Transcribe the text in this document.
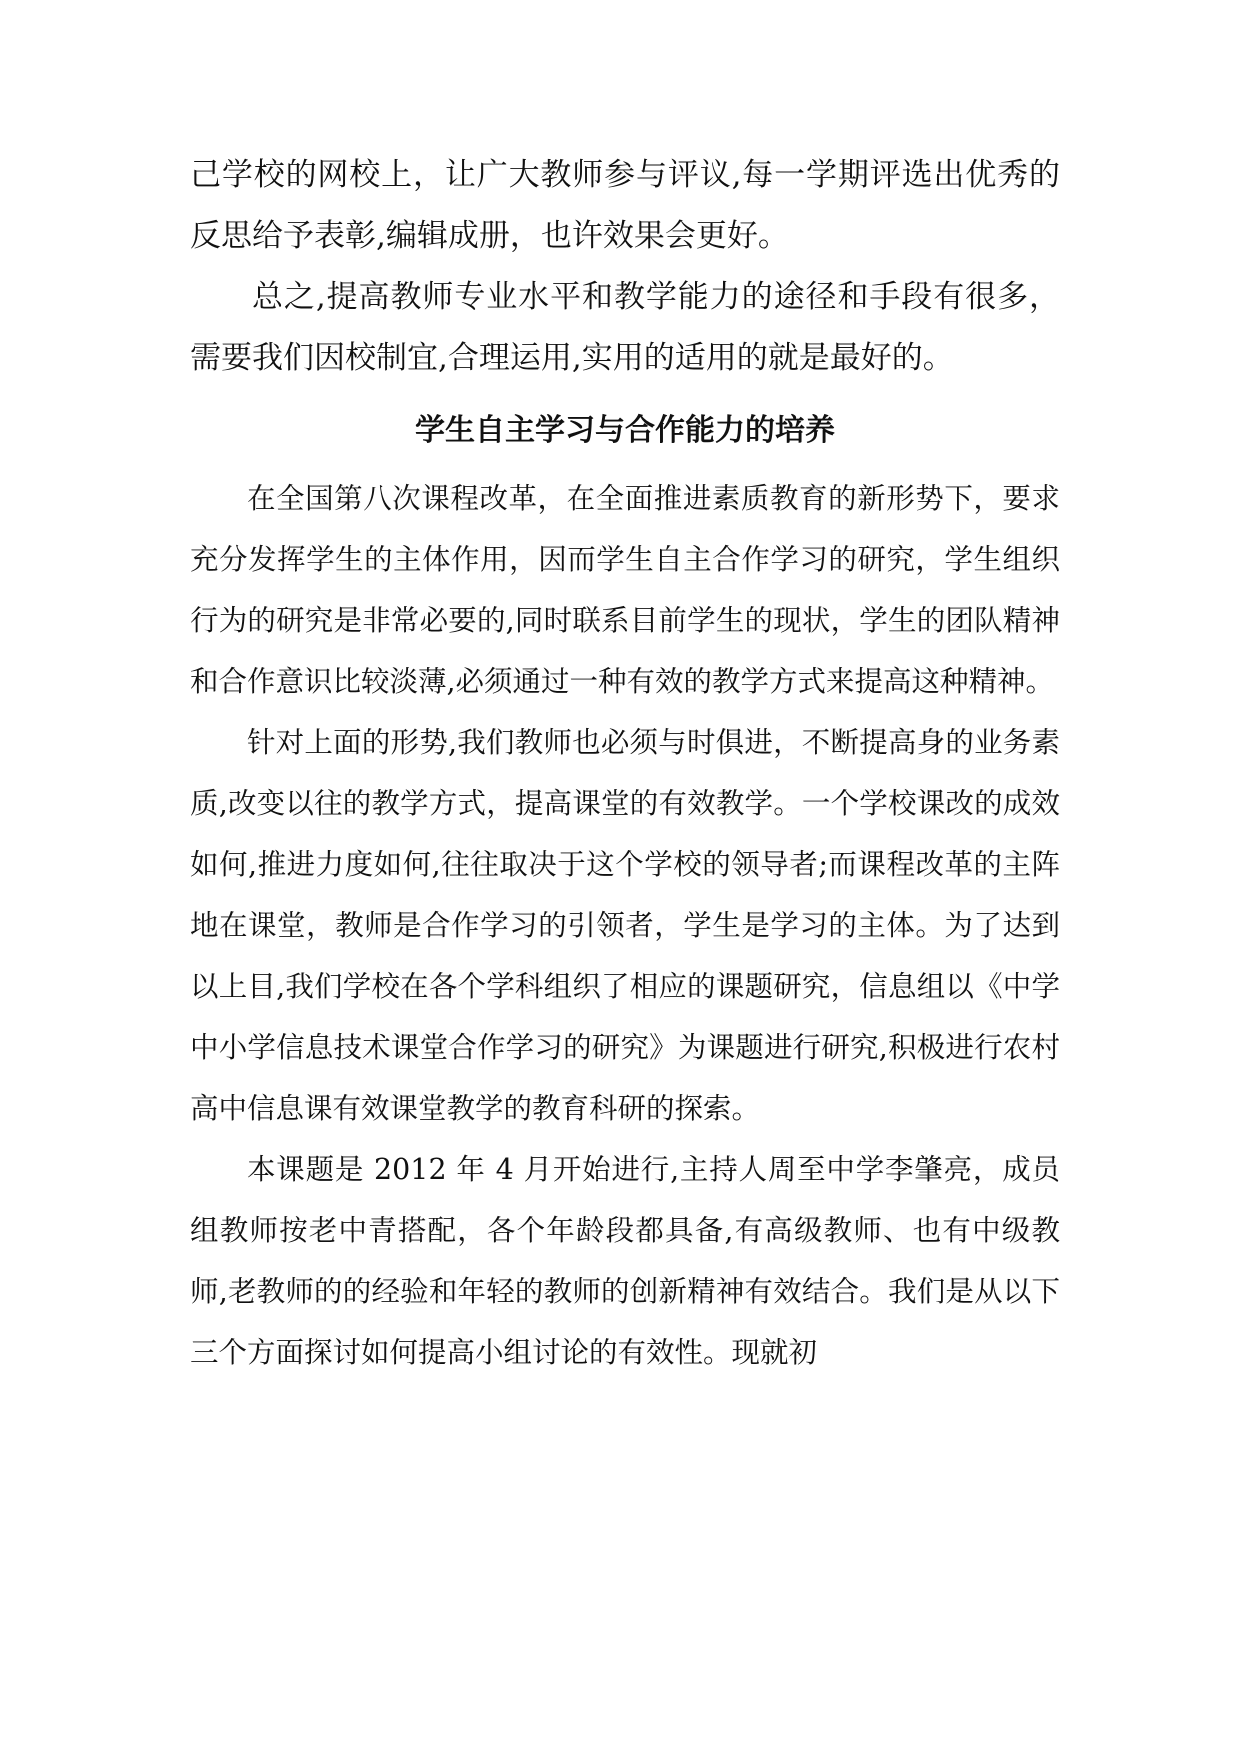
己学校的网校上，让广大教师参与评议,每一学期评选出优秀的反思给予表彰,编辑成册，也许效果会更好。

总之,提高教师专业水平和教学能力的途径和手段有很多，需要我们因校制宜,合理运用,实用的适用的就是最好的。

学生自主学习与合作能力的培养

在全国第八次课程改革，在全面推进素质教育的新形势下，要求充分发挥学生的主体作用，因而学生自主合作学习的研究，学生组织行为的研究是非常必要的,同时联系目前学生的现状，学生的团队精神和合作意识比较淡薄,必须通过一种有效的教学方式来提高这种精神。

针对上面的形势,我们教师也必须与时俱进，不断提高身的业务素质,改变以往的教学方式，提高课堂的有效教学。一个学校课改的成效如何,推进力度如何,往往取决于这个学校的领导者;而课程改革的主阵地在课堂，教师是合作学习的引领者，学生是学习的主体。为了达到以上目,我们学校在各个学科组织了相应的课题研究，信息组以《中学中小学信息技术课堂合作学习的研究》为课题进行研究,积极进行农村高中信息课有效课堂教学的教育科研的探索。

本课题是 2012 年 4 月开始进行,主持人周至中学李肇亮，成员组教师按老中青搭配，各个年龄段都具备,有高级教师、也有中级教师,老教师的的经验和年轻的教师的创新精神有效结合。我们是从以下三个方面探讨如何提高小组讨论的有效性。现就初
